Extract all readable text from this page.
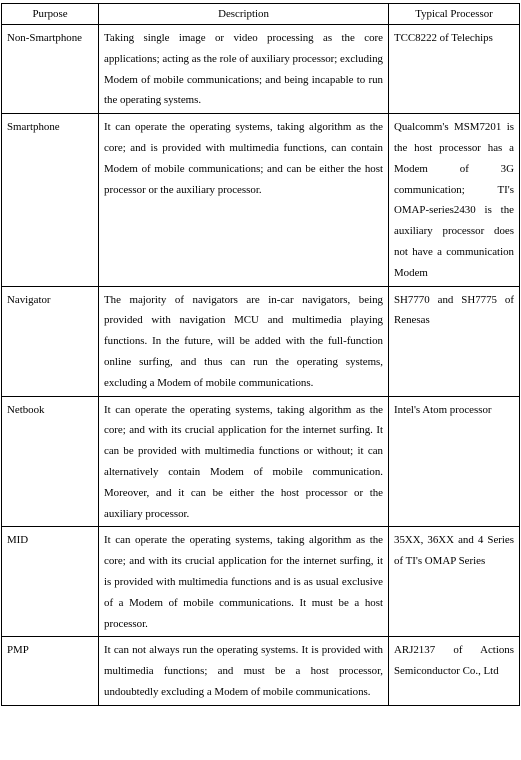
Purpose	Description	Typical Processor

Non-Smartphone	Taking single image or video processing as the core applications; acting as the role of auxiliary processor; excluding Modem of mobile communications; and being incapable to run the operating systems.	TCC8222 of Telechips

Smartphone	It can operate the operating systems, taking algorithm as the core; and is provided with multimedia functions, can contain Modem of mobile communications; and can be either the host processor or the auxiliary processor.	Qualcomm's MSM7201 is the host processor has a Modem of 3G communication; TI's OMAP-series2430 is the auxiliary processor does not have a communication Modem

Navigator	The majority of navigators are in-car navigators, being provided with navigation MCU and multimedia playing functions. In the future, will be added with the full-function online surfing, and thus can run the operating systems, excluding a Modem of mobile communications.	SH7770 and SH7775 of Renesas

Netbook	It can operate the operating systems, taking algorithm as the core; and with its crucial application for the internet surfing. It can be provided with multimedia functions or without; it can alternatively contain Modem of mobile communication. Moreover, and it can be either the host processor or the auxiliary processor.	Intel's Atom processor

MID	It can operate the operating systems, taking algorithm as the core; and with its crucial application for the internet surfing, it is provided with multimedia functions and is as usual exclusive of a Modem of mobile communications. It must be a host processor.	35XX, 36XX and 4 Series of TI's OMAP Series

PMP	It can not always run the operating systems. It is provided with multimedia functions; and must be a host processor, undoubtedly excluding a Modem of mobile communications.	ARJ2137 of Actions Semiconductor Co., Ltd
